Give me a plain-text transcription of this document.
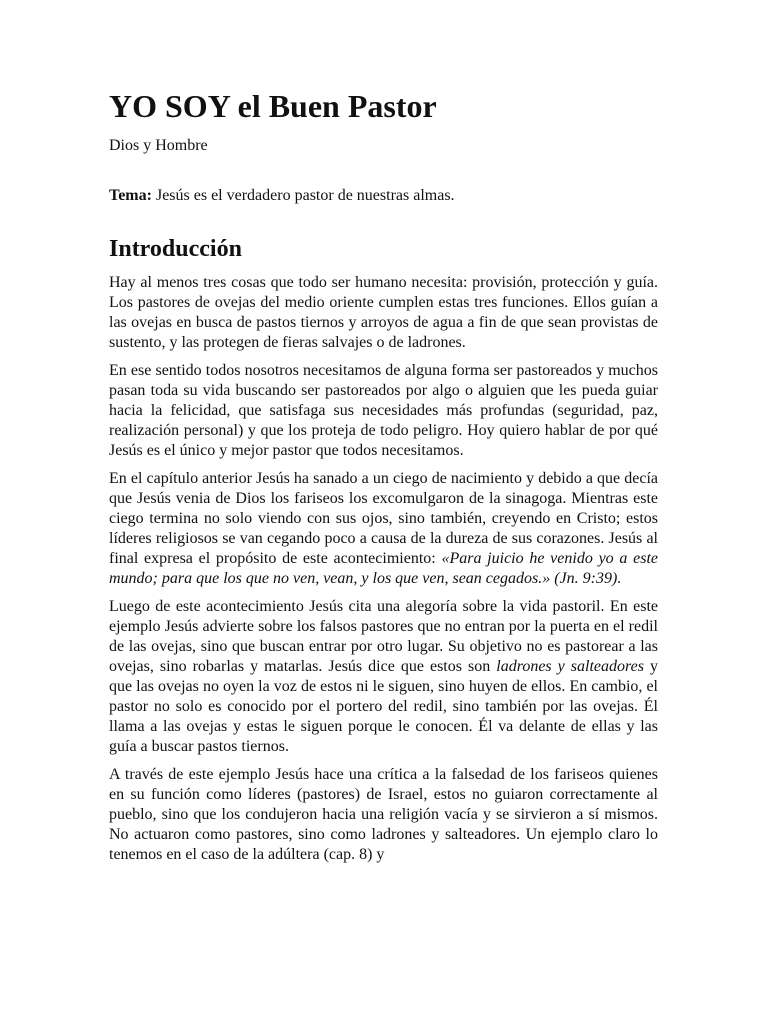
YO SOY el Buen Pastor
Dios y Hombre
Tema: Jesús es el verdadero pastor de nuestras almas.
Introducción

Hay al menos tres cosas que todo ser humano necesita: provisión, protección y guía. Los pastores de ovejas del medio oriente cumplen estas tres funciones. Ellos guían a las ovejas en busca de pastos tiernos y arroyos de agua a fin de que sean provistas de sustento, y las protegen de fieras salvajes o de ladrones.

En ese sentido todos nosotros necesitamos de alguna forma ser pastoreados y muchos pasan toda su vida buscando ser pastoreados por algo o alguien que les pueda guiar hacia la felicidad, que satisfaga sus necesidades más profundas (seguridad, paz, realización personal) y que los proteja de todo peligro. Hoy quiero hablar de por qué Jesús es el único y mejor pastor que todos necesitamos.

En el capítulo anterior Jesús ha sanado a un ciego de nacimiento y debido a que decía que Jesús venia de Dios los fariseos los excomulgaron de la sinagoga. Mientras este ciego termina no solo viendo con sus ojos, sino también, creyendo en Cristo; estos líderes religiosos se van cegando poco a causa de la dureza de sus corazones. Jesús al final expresa el propósito de este acontecimiento: «Para juicio he venido yo a este mundo; para que los que no ven, vean, y los que ven, sean cegados.» (Jn. 9:39).

Luego de este acontecimiento Jesús cita una alegoría sobre la vida pastoril. En este ejemplo Jesús advierte sobre los falsos pastores que no entran por la puerta en el redil de las ovejas, sino que buscan entrar por otro lugar. Su objetivo no es pastorear a las ovejas, sino robarlas y matarlas. Jesús dice que estos son ladrones y salteadores y que las ovejas no oyen la voz de estos ni le siguen, sino huyen de ellos. En cambio, el pastor no solo es conocido por el portero del redil, sino también por las ovejas. Él llama a las ovejas y estas le siguen porque le conocen. Él va delante de ellas y las guía a buscar pastos tiernos.

A través de este ejemplo Jesús hace una crítica a la falsedad de los fariseos quienes en su función como líderes (pastores) de Israel, estos no guiaron correctamente al pueblo, sino que los condujeron hacia una religión vacía y se sirvieron a sí mismos. No actuaron como pastores, sino como ladrones y salteadores. Un ejemplo claro lo tenemos en el caso de la adúltera (cap. 8) y
